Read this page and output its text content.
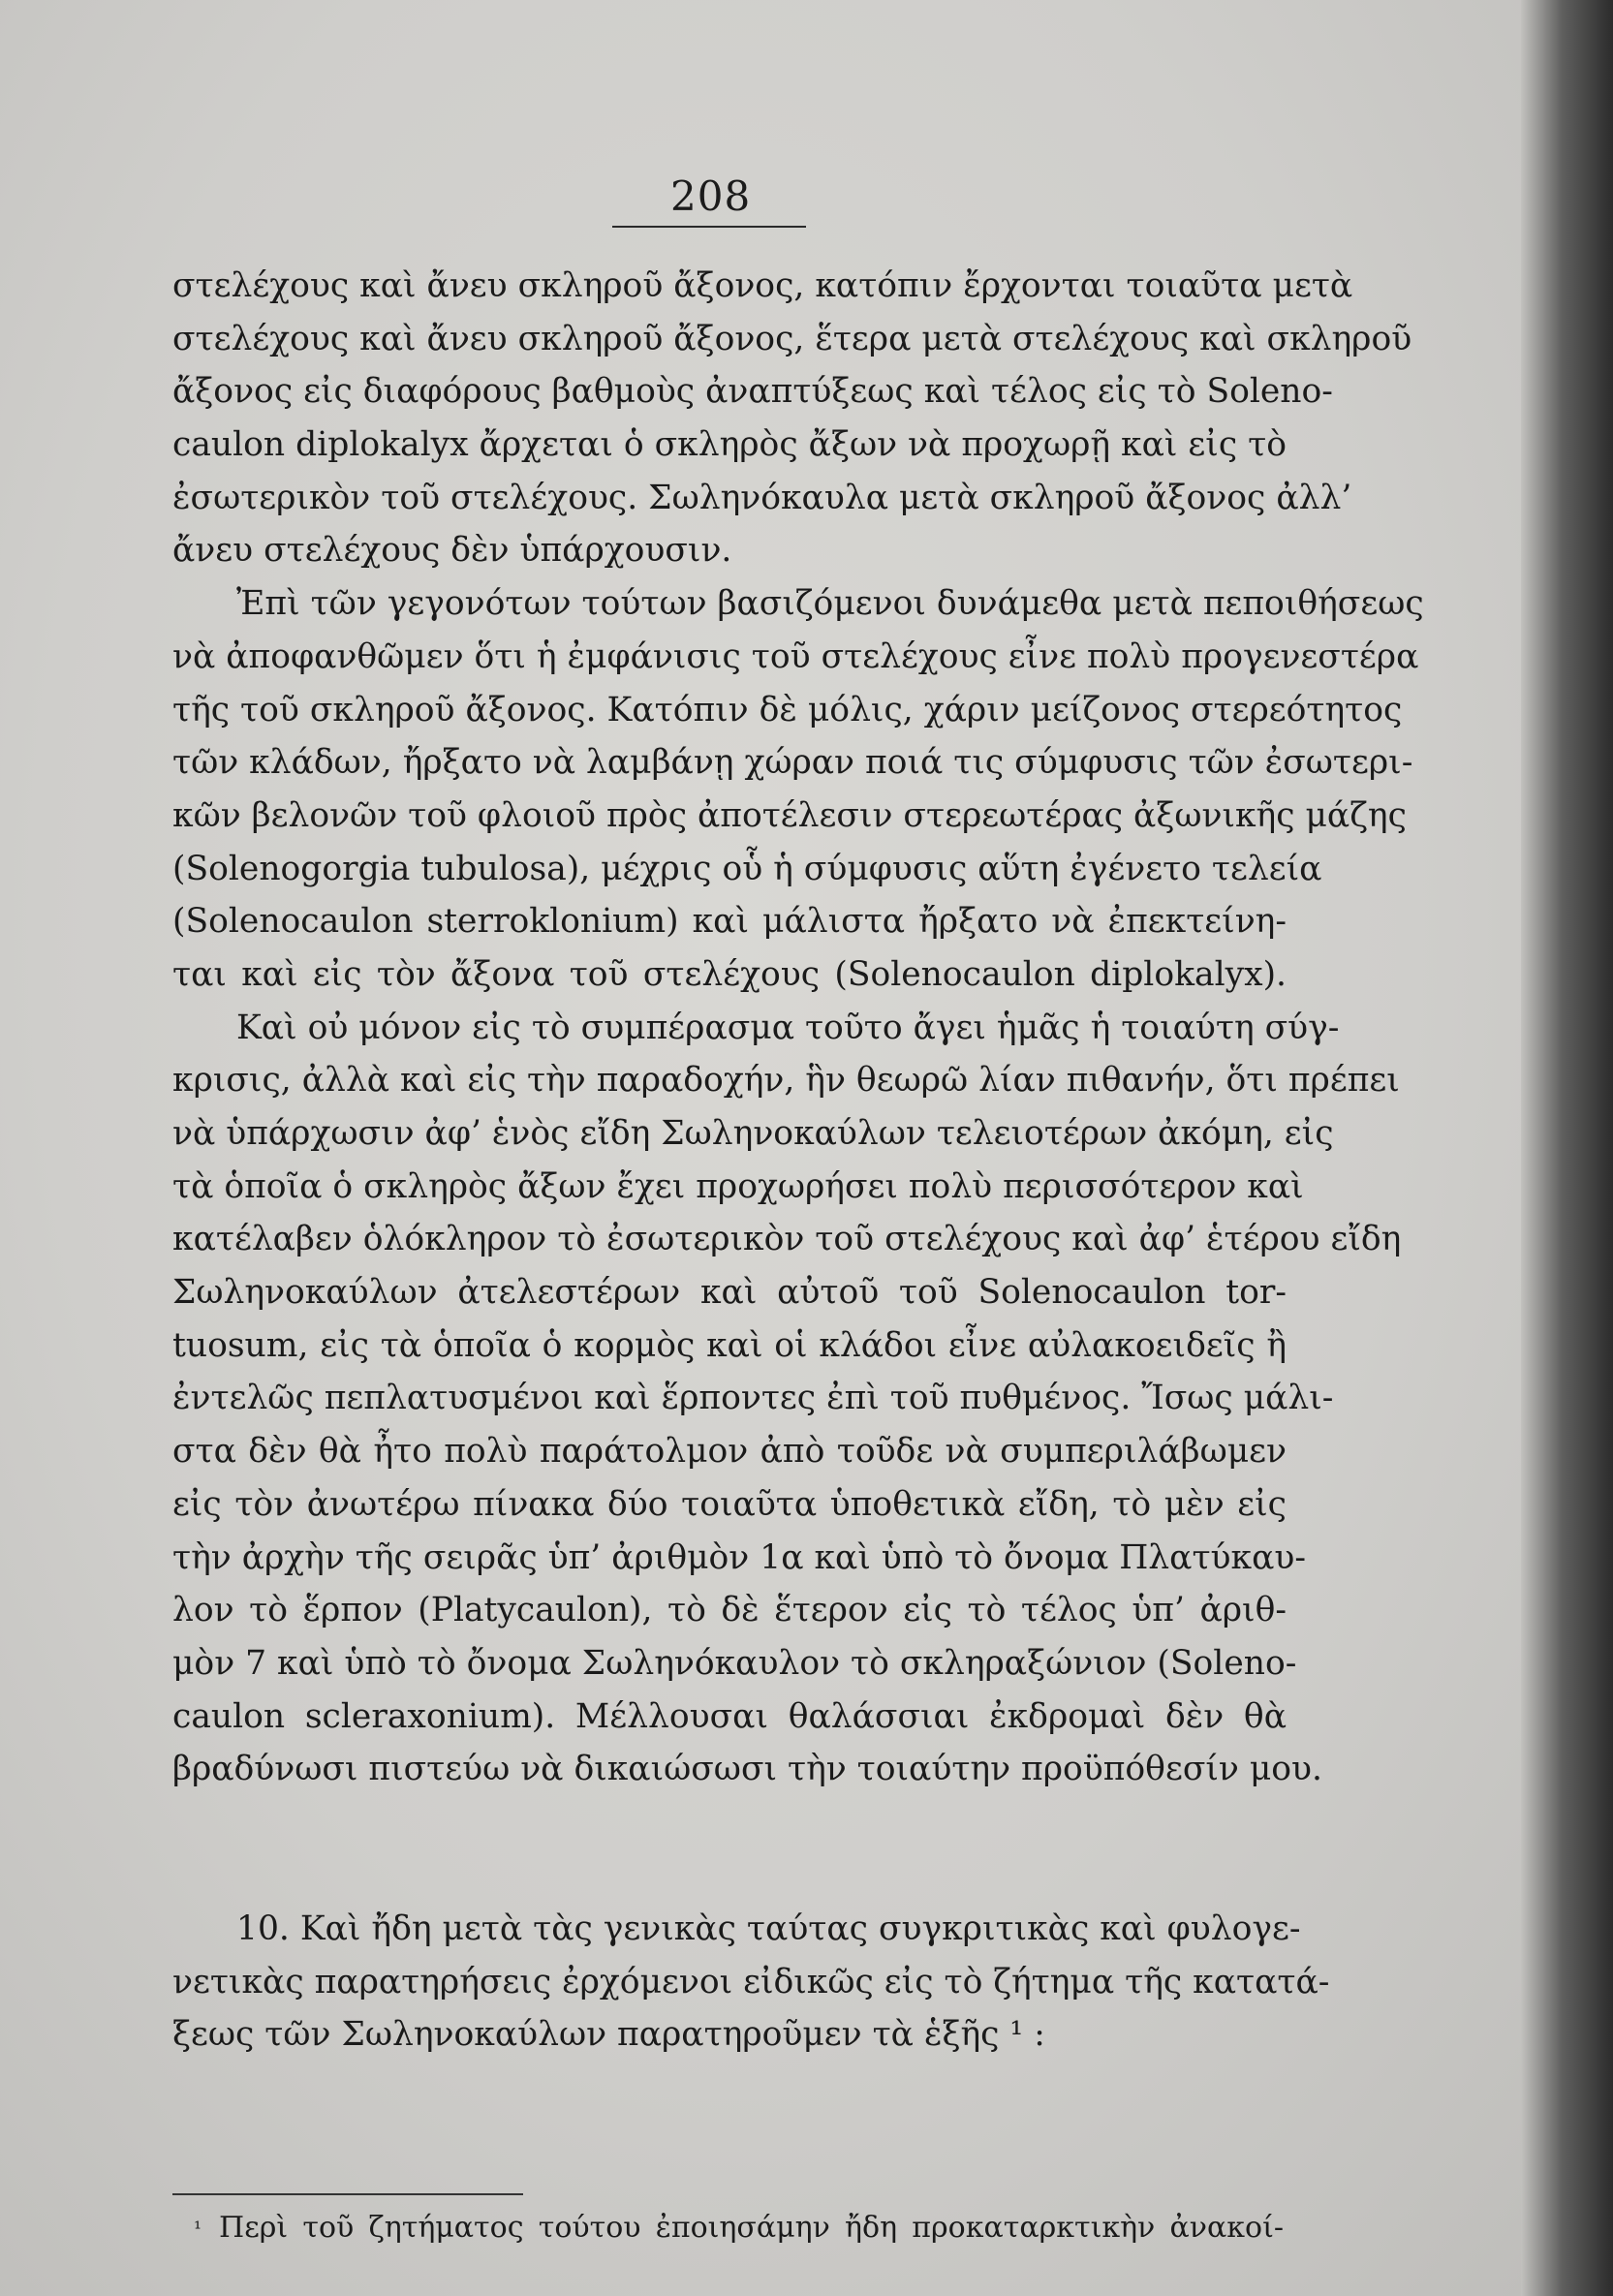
208
στελέχους καὶ ἄνευ σκληροῦ ἄξονος, κατόπιν ἔρχονται τοιαῦτα μετὰ
στελέχους καὶ ἄνευ σκληροῦ ἄξονος, ἕτερα μετὰ στελέχους καὶ σκληροῦ
ἄξονος εἰς διαφόρους βαθμοὺς ἀναπτύξεως καὶ τέλος εἰς τὸ Soleno-
caulon diplokalyx ἄρχεται ὁ σκληρὸς ἄξων νὰ προχωρῇ καὶ εἰς τὸ
ἐσωτερικὸν τοῦ στελέχους. Σωληνόκαυλα μετὰ σκληροῦ ἄξονος ἀλλ’
ἄνευ στελέχους δὲν ὑπάρχουσιν.
Ἐπὶ τῶν γεγονότων τούτων βασιζόμενοι δυνάμεθα μετὰ πεποιθήσεως
νὰ ἀποφανθῶμεν ὅτι ἡ ἐμφάνισις τοῦ στελέχους εἶνε πολὺ προγενεστέρα
τῆς τοῦ σκληροῦ ἄξονος. Κατόπιν δὲ μόλις, χάριν μείζονος στερεότητος
τῶν κλάδων, ἤρξατο νὰ λαμβάνῃ χώραν ποιά τις σύμφυσις τῶν ἐσωτερι-
κῶν βελονῶν τοῦ φλοιοῦ πρὸς ἀποτέλεσιν στερεωτέρας ἀξωνικῆς μάζης
(Solenogorgia tubulosa), μέχρις οὗ ἡ σύμφυσις αὕτη ἐγένετο τελεία
(Solenocaulon sterroklonium) καὶ μάλιστα ἤρξατο νὰ ἐπεκτείνη-
ται καὶ εἰς τὸν ἄξονα τοῦ στελέχους (Solenocaulon diplokalyx).
Καὶ οὐ μόνον εἰς τὸ συμπέρασμα τοῦτο ἄγει ἡμᾶς ἡ τοιαύτη σύγ-
κρισις, ἀλλὰ καὶ εἰς τὴν παραδοχήν, ἣν θεωρῶ λίαν πιθανήν, ὅτι πρέπει
νὰ ὑπάρχωσιν ἀφ’ ἑνὸς εἴδη Σωληνοκαύλων τελειοτέρων ἀκόμη, εἰς
τὰ ὁποῖα ὁ σκληρὸς ἄξων ἔχει προχωρήσει πολὺ περισσότερον καὶ
κατέλαβεν ὁλόκληρον τὸ ἐσωτερικὸν τοῦ στελέχους καὶ ἀφ’ ἑτέρου εἴδη
Σωληνοκαύλων ἀτελεστέρων καὶ αὐτοῦ τοῦ Solenocaulon tor-
tuosum, εἰς τὰ ὁποῖα ὁ κορμὸς καὶ οἱ κλάδοι εἶνε αὐλακοειδεῖς ἢ
ἐντελῶς πεπλατυσμένοι καὶ ἕρποντες ἐπὶ τοῦ πυθμένος. Ἴσως μάλι-
στα δὲν θὰ ἦτο πολὺ παράτολμον ἀπὸ τοῦδε νὰ συμπεριλάβωμεν
εἰς τὸν ἀνωτέρω πίνακα δύο τοιαῦτα ὑποθετικὰ εἴδη, τὸ μὲν εἰς
τὴν ἀρχὴν τῆς σειρᾶς ὑπ’ ἀριθμὸν 1α καὶ ὑπὸ τὸ ὄνομα Πλατύκαυ-
λον τὸ ἕρπον (Platycaulon), τὸ δὲ ἕτερον εἰς τὸ τέλος ὑπ’ ἀριθ-
μὸν 7 καὶ ὑπὸ τὸ ὄνομα Σωληνόκαυλον τὸ σκληραξώνιον (Soleno-
caulon scleraxonium). Μέλλουσαι θαλάσσιαι ἐκδρομαὶ δὲν θὰ
βραδύνωσι πιστεύω νὰ δικαιώσωσι τὴν τοιαύτην προϋπόθεσίν μου.
10. Καὶ ἤδη μετὰ τὰς γενικὰς ταύτας συγκριτικὰς καὶ φυλογε-
νετικὰς παρατηρήσεις ἐρχόμενοι εἰδικῶς εἰς τὸ ζήτημα τῆς κατατά-
ξεως τῶν Σωληνοκαύλων παρατηροῦμεν τὰ ἑξῆς ¹ :
$^{^1}$ Περὶ τοῦ ζητήματος τούτου ἐποιησάμην ἤδη προκαταρκτικὴν ἀνακοί-
